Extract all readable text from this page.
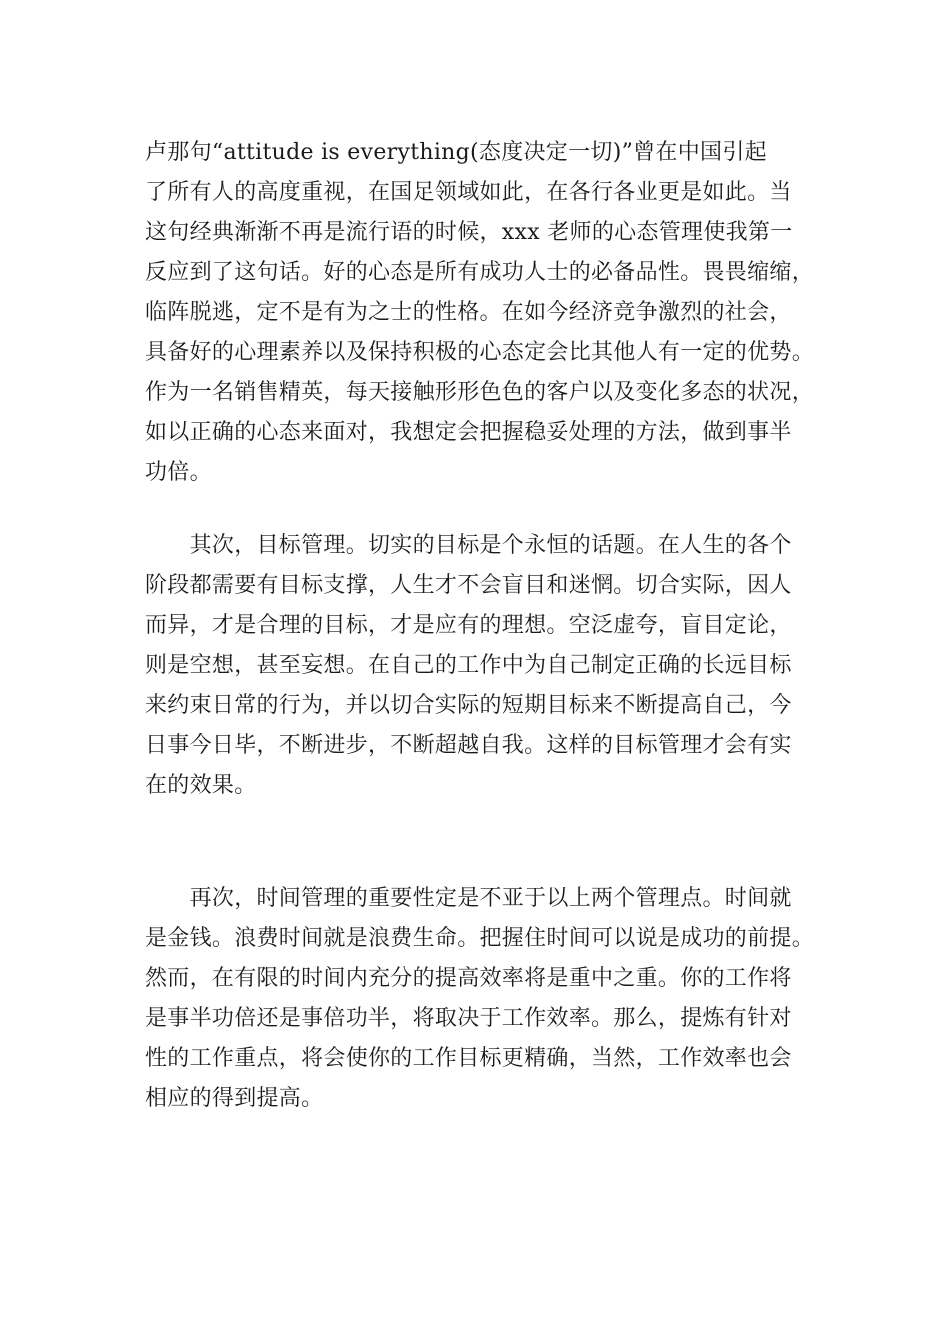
卢那句“attitude is everything(态度决定一切)”曾在中国引起
了所有人的高度重视，在国足领域如此，在各行各业更是如此。当
这句经典渐渐不再是流行语的时候，xxx 老师的心态管理使我第一
反应到了这句话。好的心态是所有成功人士的必备品性。畏畏缩缩，
临阵脱逃，定不是有为之士的性格。在如今经济竞争激烈的社会，
具备好的心理素养以及保持积极的心态定会比其他人有一定的优势。
作为一名销售精英，每天接触形形色色的客户以及变化多态的状况，
如以正确的心态来面对，我想定会把握稳妥处理的方法，做到事半
功倍。
　　其次，目标管理。切实的目标是个永恒的话题。在人生的各个
阶段都需要有目标支撑，人生才不会盲目和迷惘。切合实际，因人
而异，才是合理的目标，才是应有的理想。空泛虚夸，盲目定论，
则是空想，甚至妄想。在自己的工作中为自己制定正确的长远目标
来约束日常的行为，并以切合实际的短期目标来不断提高自己，今
日事今日毕，不断进步，不断超越自我。这样的目标管理才会有实
在的效果。
　　再次，时间管理的重要性定是不亚于以上两个管理点。时间就
是金钱。浪费时间就是浪费生命。把握住时间可以说是成功的前提。
然而，在有限的时间内充分的提高效率将是重中之重。你的工作将
是事半功倍还是事倍功半，将取决于工作效率。那么，提炼有针对
性的工作重点，将会使你的工作目标更精确，当然，工作效率也会
相应的得到提高。
